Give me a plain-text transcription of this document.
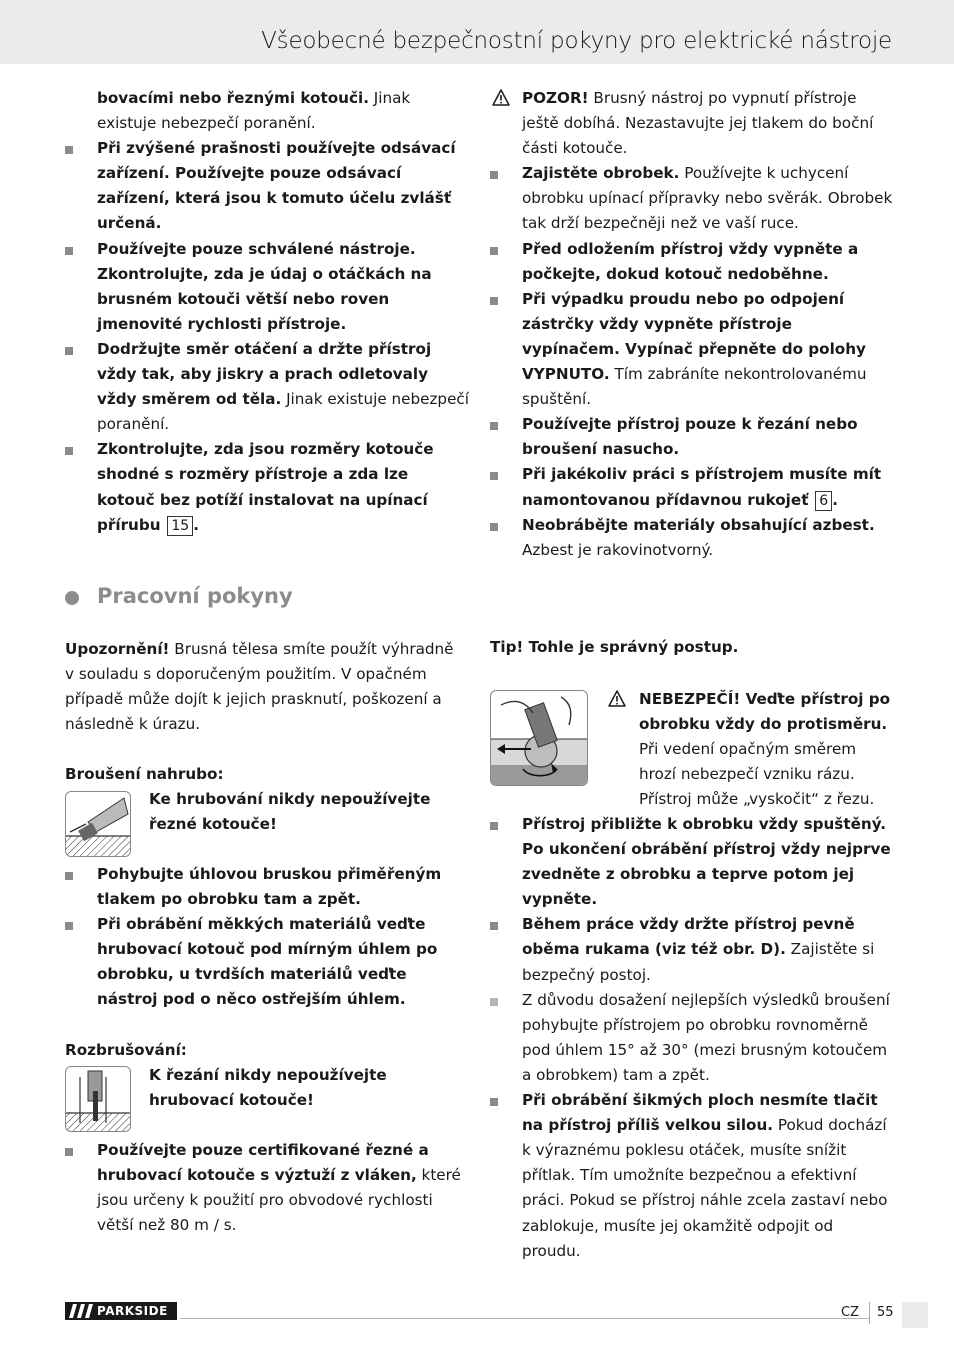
Všeobecné bezpečnostní pokyny pro elektrické nástroje

bovacími nebo řeznými kotouči. Jinak existuje nebezpečí poranění.

Při zvýšené prašnosti používejte odsávací zařízení. Používejte pouze odsávací zařízení, která jsou k tomuto účelu zvlášť určená.

Používejte pouze schválené nástroje. Zkontrolujte, zda je údaj o otáčkách na brusném kotouči větší nebo roven jmenovité rychlosti přístroje.

Dodržujte směr otáčení a držte přístroj vždy tak, aby jiskry a prach odletovaly vždy směrem od těla. Jinak existuje nebezpečí poranění.

Zkontrolujte, zda jsou rozměry kotouče shodné s rozměry přístroje a zda lze kotouč bez potíží instalovat na upínací přírubu 15 .

Pracovní pokyny
Upozornění! Brusná tělesa smíte použít výhradně v souladu s doporučeným použitím. V opačném případě může dojít k jejich prasknutí, poškození a následně k úrazu.
Broušení nahrubo:
Ke hrubování nikdy nepoužívejte řezné kotouče!

Pohybujte úhlovou bruskou přiměřeným tlakem po obrobku tam a zpět.

Při obrábění měkkých materiálů veďte hrubovací kotouč pod mírným úhlem po obrobku, u tvrdších materiálů veďte nástroj pod o něco ostřejším úhlem.

Rozbrušování:
K řezání nikdy nepoužívejte hrubovací kotouče!

Používejte pouze certifikované řezné a hrubovací kotouče s výztuží z vláken, které jsou určeny k použití pro obvodové rychlosti větší než 80 m / s.

POZOR! Brusný nástroj po vypnutí přístroje ještě dobíhá. Nezastavujte jej tlakem do boční části kotouče.

Zajistěte obrobek. Používejte k uchycení obrobku upínací přípravky nebo svěrák. Obrobek tak drží bezpečněji než ve vaší ruce.

Před odložením přístroj vždy vypněte a počkejte, dokud kotouč nedoběhne.

Při výpadku proudu nebo po odpojení zástrčky vždy vypněte přístroje vypínačem. Vypínač přepněte do polohy VYPNUTO. Tím zabráníte nekontrolovanému spuštění.

Používejte přístroj pouze k řezání nebo broušení nasucho.

Při jakékoliv práci s přístrojem musíte mít namontovanou přídavnou rukojeť 6 .

Neobrábějte materiály obsahující azbest. Azbest je rakovinotvorný.

Tip! Tohle je správný postup.
NEBEZPEČÍ! Veďte přístroj po obrobku vždy do protisměru. Při vedení opačným směrem hrozí nebezpečí vzniku rázu. Přístroj může „vyskočit“ z řezu.

Přístroj přibližte k obrobku vždy spuštěný. Po ukončení obrábění přístroj vždy nejprve zvedněte z obrobku a teprve potom jej vypněte.

Během práce vždy držte přístroj pevně oběma rukama (viz též obr. D). Zajistěte si bezpečný postoj.

Z důvodu dosažení nejlepších výsledků broušení pohybujte přístrojem po obrobku rovnoměrně pod úhlem 15° až 30° (mezi brusným kotoučem a obrobkem) tam a zpět.

Při obrábění šikmých ploch nesmíte tlačit na přístroj příliš velkou silou. Pokud dochází k výraznému poklesu otáček, musíte snížit přítlak. Tím umožníte bezpečnou a efektivní práci. Pokud se přístroj náhle zcela zastaví nebo zablokuje, musíte jej okamžitě odpojit od proudu.

PARKSIDE	CZ 55
